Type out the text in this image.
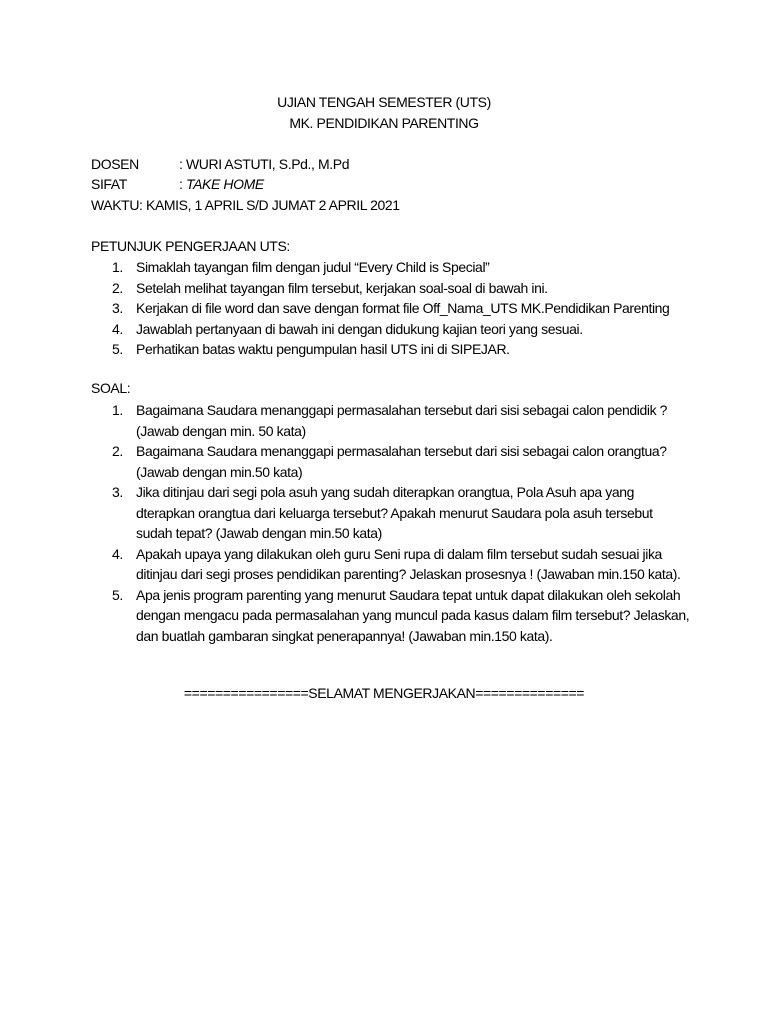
UJIAN TENGAH SEMESTER (UTS)
MK. PENDIDIKAN PARENTING
DOSEN	: WURI ASTUTI, S.Pd., M.Pd
SIFAT	: TAKE HOME
WAKTU: KAMIS, 1 APRIL S/D JUMAT 2 APRIL 2021
PETUNJUK PENGERJAAN UTS:
1. Simaklah tayangan film dengan judul “Every Child is Special”
2. Setelah melihat tayangan film tersebut, kerjakan soal-soal di bawah ini.
3. Kerjakan di file word dan save dengan format file Off_Nama_UTS MK.Pendidikan Parenting
4. Jawablah pertanyaan di bawah ini dengan didukung kajian teori yang sesuai.
5. Perhatikan batas waktu pengumpulan hasil UTS ini di SIPEJAR.
SOAL:
1. Bagaimana Saudara menanggapi permasalahan tersebut dari sisi sebagai calon pendidik ? (Jawab dengan min. 50 kata)
2. Bagaimana Saudara menanggapi permasalahan tersebut dari sisi sebagai calon orangtua? (Jawab dengan min.50 kata)
3. Jika ditinjau dari segi pola asuh yang sudah diterapkan orangtua, Pola Asuh apa yang dterapkan orangtua dari keluarga tersebut? Apakah menurut Saudara pola asuh tersebut sudah tepat? (Jawab dengan min.50 kata)
4. Apakah upaya yang dilakukan oleh guru Seni rupa di dalam film tersebut sudah sesuai jika ditinjau dari segi proses pendidikan parenting? Jelaskan prosesnya ! (Jawaban min.150 kata).
5. Apa jenis program parenting yang menurut Saudara tepat untuk dapat dilakukan oleh sekolah dengan mengacu pada permasalahan yang muncul pada kasus dalam film tersebut? Jelaskan, dan buatlah gambaran singkat penerapannya! (Jawaban min.150 kata).
================SELAMAT MENGERJAKAN==============
